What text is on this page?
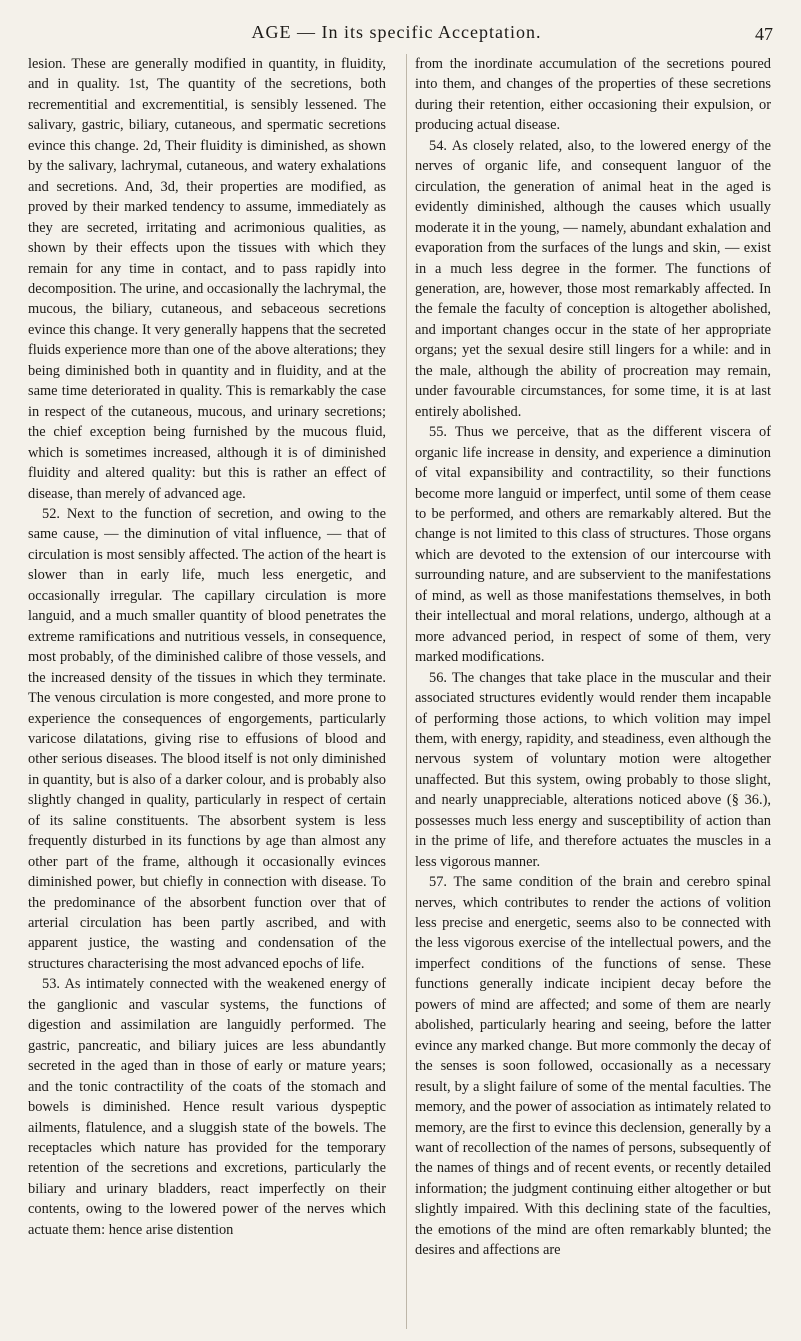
AGE — In its specific Acceptation.	47

lesion. These are generally modified in quantity, in fluidity, and in quality. 1st, The quantity of the secretions, both recrementitial and excrementitial, is sensibly lessened. The salivary, gastric, biliary, cutaneous, and spermatic secretions evince this change. 2d, Their fluidity is diminished, as shown by the salivary, lachrymal, cutaneous, and watery exhalations and secretions. And, 3d, their properties are modified, as proved by their marked tendency to assume, immediately as they are secreted, irritating and acrimonious qualities, as shown by their effects upon the tissues with which they remain for any time in contact, and to pass rapidly into decomposition. The urine, and occasionally the lachrymal, the mucous, the biliary, cutaneous, and sebaceous secretions evince this change. It very generally happens that the secreted fluids experience more than one of the above alterations; they being diminished both in quantity and in fluidity, and at the same time deteriorated in quality. This is remarkably the case in respect of the cutaneous, mucous, and urinary secretions; the chief exception being furnished by the mucous fluid, which is sometimes increased, although it is of diminished fluidity and altered quality: but this is rather an effect of disease, than merely of advanced age.

52. Next to the function of secretion, and owing to the same cause, — the diminution of vital influence, — that of circulation is most sensibly affected. The action of the heart is slower than in early life, much less energetic, and occasionally irregular. The capillary circulation is more languid, and a much smaller quantity of blood penetrates the extreme ramifications and nutritious vessels, in consequence, most probably, of the diminished calibre of those vessels, and the increased density of the tissues in which they terminate. The venous circulation is more congested, and more prone to experience the consequences of engorgements, particularly varicose dilatations, giving rise to effusions of blood and other serious diseases. The blood itself is not only diminished in quantity, but is also of a darker colour, and is probably also slightly changed in quality, particularly in respect of certain of its saline constituents. The absorbent system is less frequently disturbed in its functions by age than almost any other part of the frame, although it occasionally evinces diminished power, but chiefly in connection with disease. To the predominance of the absorbent function over that of arterial circulation has been partly ascribed, and with apparent justice, the wasting and condensation of the structures characterising the most advanced epochs of life.

53. As intimately connected with the weakened energy of the ganglionic and vascular systems, the functions of digestion and assimilation are languidly performed. The gastric, pancreatic, and biliary juices are less abundantly secreted in the aged than in those of early or mature years; and the tonic contractility of the coats of the stomach and bowels is diminished. Hence result various dyspeptic ailments, flatulence, and a sluggish state of the bowels. The receptacles which nature has provided for the temporary retention of the secretions and excretions, particularly the biliary and urinary bladders, react imperfectly on their contents, owing to the lowered power of the nerves which actuate them: hence arise distention

from the inordinate accumulation of the secretions poured into them, and changes of the properties of these secretions during their retention, either occasioning their expulsion, or producing actual disease.

54. As closely related, also, to the lowered energy of the nerves of organic life, and consequent languor of the circulation, the generation of animal heat in the aged is evidently diminished, although the causes which usually moderate it in the young, — namely, abundant exhalation and evaporation from the surfaces of the lungs and skin, — exist in a much less degree in the former. The functions of generation, are, however, those most remarkably affected. In the female the faculty of conception is altogether abolished, and important changes occur in the state of her appropriate organs; yet the sexual desire still lingers for a while: and in the male, although the ability of procreation may remain, under favourable circumstances, for some time, it is at last entirely abolished.

55. Thus we perceive, that as the different viscera of organic life increase in density, and experience a diminution of vital expansibility and contractility, so their functions become more languid or imperfect, until some of them cease to be performed, and others are remarkably altered. But the change is not limited to this class of structures. Those organs which are devoted to the extension of our intercourse with surrounding nature, and are subservient to the manifestations of mind, as well as those manifestations themselves, in both their intellectual and moral relations, undergo, although at a more advanced period, in respect of some of them, very marked modifications.

56. The changes that take place in the muscular and their associated structures evidently would render them incapable of performing those actions, to which volition may impel them, with energy, rapidity, and steadiness, even although the nervous system of voluntary motion were altogether unaffected. But this system, owing probably to those slight, and nearly unappreciable, alterations noticed above (§ 36.), possesses much less energy and susceptibility of action than in the prime of life, and therefore actuates the muscles in a less vigorous manner.

57. The same condition of the brain and cerebro spinal nerves, which contributes to render the actions of volition less precise and energetic, seems also to be connected with the less vigorous exercise of the intellectual powers, and the imperfect conditions of the functions of sense. These functions generally indicate incipient decay before the powers of mind are affected; and some of them are nearly abolished, particularly hearing and seeing, before the latter evince any marked change. But more commonly the decay of the senses is soon followed, occasionally as a necessary result, by a slight failure of some of the mental faculties. The memory, and the power of association as intimately related to memory, are the first to evince this declension, generally by a want of recollection of the names of persons, subsequently of the names of things and of recent events, or recently detailed information; the judgment continuing either altogether or but slightly impaired. With this declining state of the faculties, the emotions of the mind are often remarkably blunted; the desires and affections are
